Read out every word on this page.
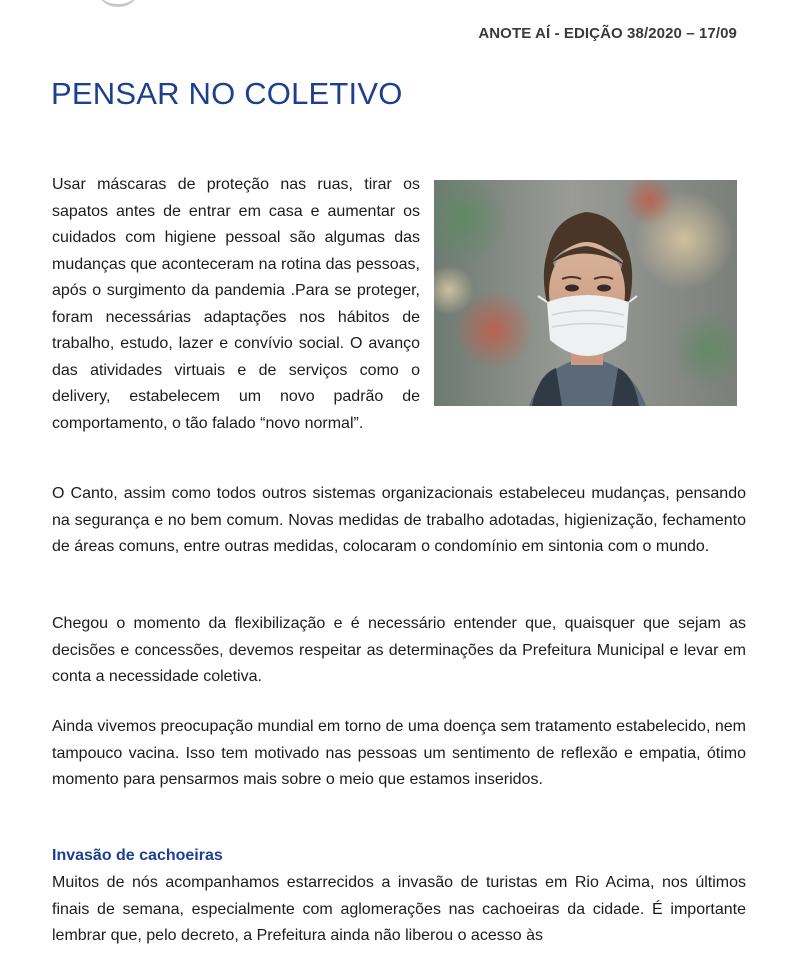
ANOTE AÍ - EDIÇÃO 38/2020 – 17/09
PENSAR NO COLETIVO
Usar máscaras de proteção nas ruas, tirar os sapatos antes de entrar em casa e aumentar os cuidados com higiene pessoal são algumas das mudanças que aconteceram na rotina das pessoas, após o surgimento da pandemia .Para se proteger, foram necessárias adaptações nos hábitos de trabalho, estudo, lazer e convívio social. O avanço das atividades virtuais e de serviços como o delivery, estabelecem um novo padrão de comportamento, o tão falado “novo normal”.

O Canto, assim como todos outros sistemas organizacionais estabeleceu mudanças, pensando na segurança e no bem comum. Novas medidas de trabalho adotadas, higienização, fechamento de áreas comuns, entre outras medidas, colocaram o condomínio em sintonia com o mundo.

Chegou o momento da flexibilização e é necessário entender que, quaisquer que sejam as decisões e concessões, devemos respeitar as determinações da Prefeitura Municipal e levar em conta a necessidade coletiva.

Ainda vivemos preocupação mundial em torno de uma doença sem tratamento estabelecido, nem tampouco vacina. Isso tem motivado nas pessoas um sentimento de reflexão e empatia, ótimo momento para pensarmos mais sobre o meio que estamos inseridos.

Invasão de cachoeiras

Muitos de nós acompanhamos estarrecidos a invasão de turistas em Rio Acima, nos últimos finais de semana, especialmente com aglomerações nas cachoeiras da cidade. É importante lembrar que, pelo decreto, a Prefeitura ainda não liberou o acesso às
